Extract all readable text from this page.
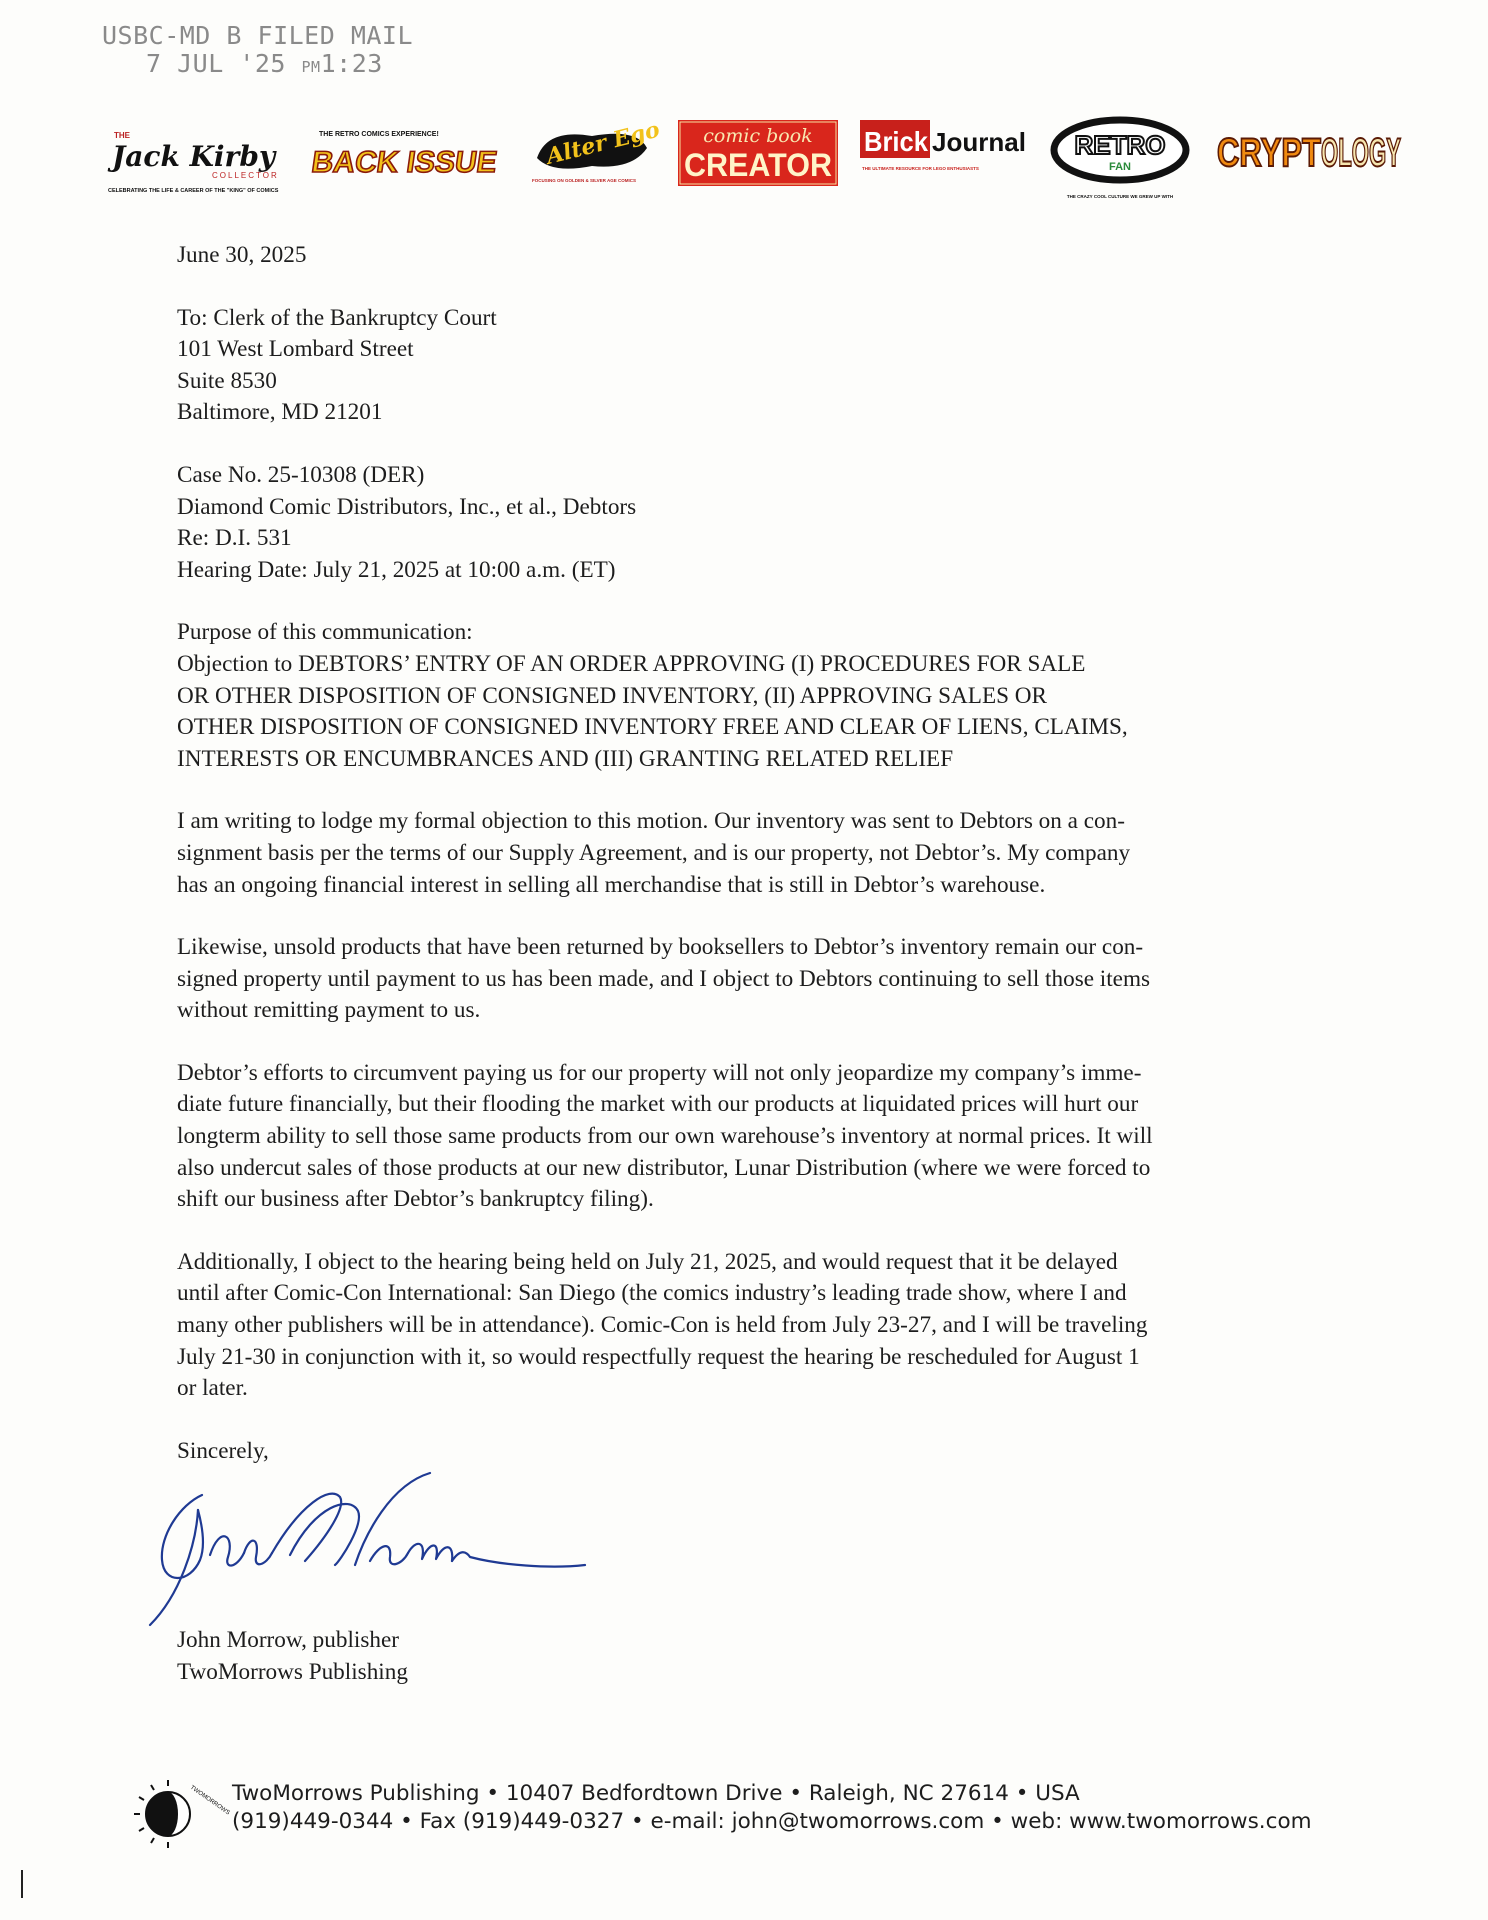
USBC-MD B FILED MAIL
7 JUL '25 PM1:23
THE
Jack Kirby
COLLECTOR
CELEBRATING THE LIFE & CAREER OF THE "KING" OF COMICS
THE RETRO COMICS EXPERIENCE!
BACK ISSUE Alter Ego
FOCUSING ON GOLDEN & SILVER AGE COMICS
comic book
CREATOR
Brick Journal
THE ULTIMATE RESOURCE FOR LEGO ENTHUSIASTS
RETRO
FAN
THE CRAZY COOL CULTURE WE GREW UP WITH
CRYPT OLOGY

June 30, 2025

To: Clerk of the Bankruptcy Court

101 West Lombard Street

Suite 8530

Baltimore, MD 21201

Case No. 25-10308 (DER)

Diamond Comic Distributors, Inc., et al., Debtors

Re: D.I. 531

Hearing Date: July 21, 2025 at 10:00 a.m. (ET)

Purpose of this communication:

Objection to DEBTORS’ ENTRY OF AN ORDER APPROVING (I) PROCEDURES FOR SALE

OR OTHER DISPOSITION OF CONSIGNED INVENTORY, (II) APPROVING SALES OR

OTHER DISPOSITION OF CONSIGNED INVENTORY FREE AND CLEAR OF LIENS, CLAIMS,

INTERESTS OR ENCUMBRANCES AND (III) GRANTING RELATED RELIEF

I am writing to lodge my formal objection to this motion. Our inventory was sent to Debtors on a con-

signment basis per the terms of our Supply Agreement, and is our property, not Debtor’s. My company

has an ongoing financial interest in selling all merchandise that is still in Debtor’s warehouse.

Likewise, unsold products that have been returned by booksellers to Debtor’s inventory remain our con-

signed property until payment to us has been made, and I object to Debtors continuing to sell those items

without remitting payment to us.

Debtor’s efforts to circumvent paying us for our property will not only jeopardize my company’s imme-

diate future financially, but their flooding the market with our products at liquidated prices will hurt our

longterm ability to sell those same products from our own warehouse’s inventory at normal prices. It will

also undercut sales of those products at our new distributor, Lunar Distribution (where we were forced to

shift our business after Debtor’s bankruptcy filing).

Additionally, I object to the hearing being held on July 21, 2025, and would request that it be delayed

until after Comic-Con International: San Diego (the comics industry’s leading trade show, where I and

many other publishers will be in attendance). Comic-Con is held from July 23-27, and I will be traveling

July 21-30 in conjunction with it, so would respectfully request the hearing be rescheduled for August 1

or later.

Sincerely,

John Morrow, publisher

TwoMorrows Publishing

TWOMORROWS TwoMorrows Publishing • 10407 Bedfordtown Drive • Raleigh, NC 27614 • USA
(919)449-0344 • Fax (919)449-0327 • e-mail: john@twomorrows.com • web: www.twomorrows.com
